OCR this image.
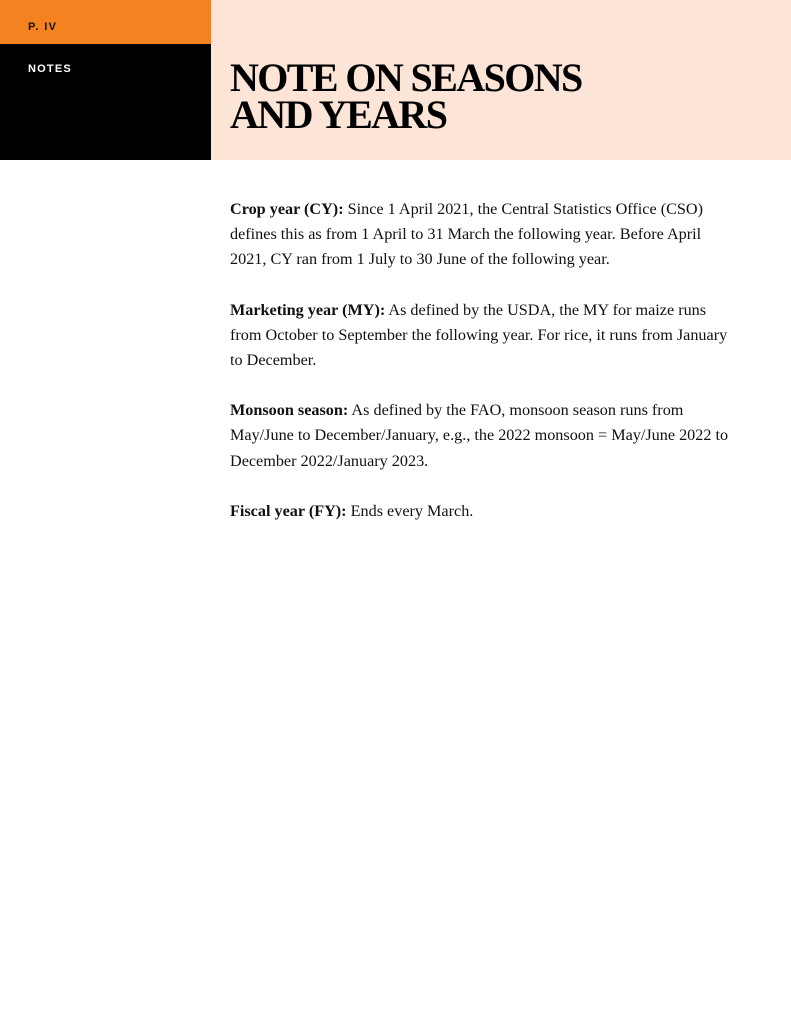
P. IV
NOTES	NOTE ON SEASONS
AND YEARS

Crop year (CY): Since 1 April 2021, the Central Statistics Office (CSO) defines this as from 1 April to 31 March the following year. Before April 2021, CY ran from 1 July to 30 June of the following year.

Marketing year (MY): As defined by the USDA, the MY for maize runs from October to September the following year. For rice, it runs from January to December.

Monsoon season: As defined by the FAO, monsoon season runs from May/June to December/January, e.g., the 2022 monsoon = May/June 2022 to December 2022/January 2023.

Fiscal year (FY): Ends every March.
